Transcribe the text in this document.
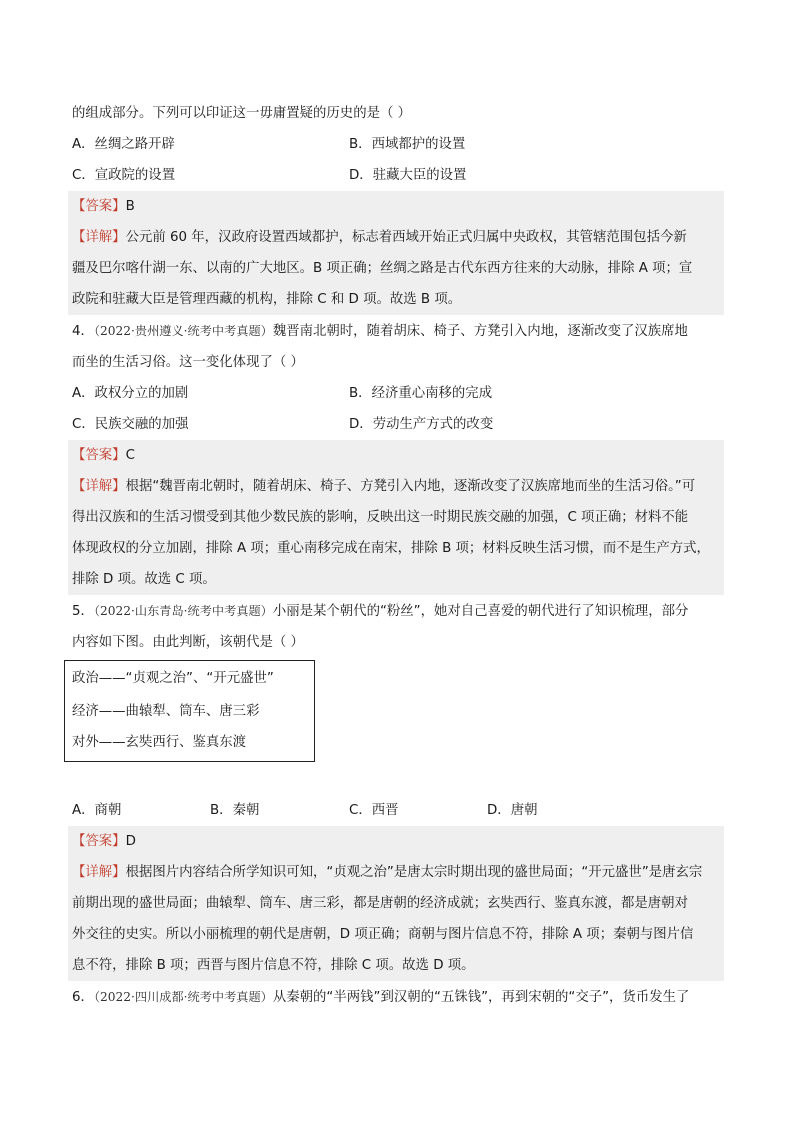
的组成部分。下列可以印证这一毋庸置疑的历史的是（ ）
A．丝绸之路开辟	B．西域都护的设置
C．宣政院的设置	D．驻藏大臣的设置
【答案】B
【详解】公元前 60 年，汉政府设置西域都护，标志着西域开始正式归属中央政权，其管辖范围包括今新
疆及巴尔喀什湖一东、以南的广大地区。B 项正确；丝绸之路是古代东西方往来的大动脉，排除 A 项；宣
政院和驻藏大臣是管理西藏的机构，排除 C 和 D 项。故选 B 项。
4．（2022·贵州遵义·统考中考真题）魏晋南北朝时，随着胡床、椅子、方凳引入内地，逐渐改变了汉族席地
而坐的生活习俗。这一变化体现了（ ）
A．政权分立的加剧	B．经济重心南移的完成
C．民族交融的加强	D．劳动生产方式的改变
【答案】C
【详解】根据“魏晋南北朝时，随着胡床、椅子、方凳引入内地，逐渐改变了汉族席地而坐的生活习俗。”可
得出汉族和的生活习惯受到其他少数民族的影响，反映出这一时期民族交融的加强，C 项正确；材料不能
体现政权的分立加剧，排除 A 项；重心南移完成在南宋，排除 B 项；材料反映生活习惯，而不是生产方式，
排除 D 项。故选 C 项。
5．（2022·山东青岛·统考中考真题）小丽是某个朝代的“粉丝”，她对自己喜爱的朝代进行了知识梳理，部分
内容如下图。由此判断，该朝代是（ ）
政治——“贞观之治”、“开元盛世”
经济——曲辕犁、筒车、唐三彩
对外——玄奘西行、鉴真东渡
A．商朝	B．秦朝	C．西晋	D．唐朝
【答案】D
【详解】根据图片内容结合所学知识可知，“贞观之治”是唐太宗时期出现的盛世局面；“开元盛世”是唐玄宗
前期出现的盛世局面；曲辕犁、筒车、唐三彩，都是唐朝的经济成就；玄奘西行、鉴真东渡，都是唐朝对
外交往的史实。所以小丽梳理的朝代是唐朝，D 项正确；商朝与图片信息不符，排除 A 项；秦朝与图片信
息不符，排除 B 项；西晋与图片信息不符，排除 C 项。故选 D 项。
6．（2022·四川成都·统考中考真题）从秦朝的“半两钱”到汉朝的“五铢钱”，再到宋朝的“交子”，货币发生了
